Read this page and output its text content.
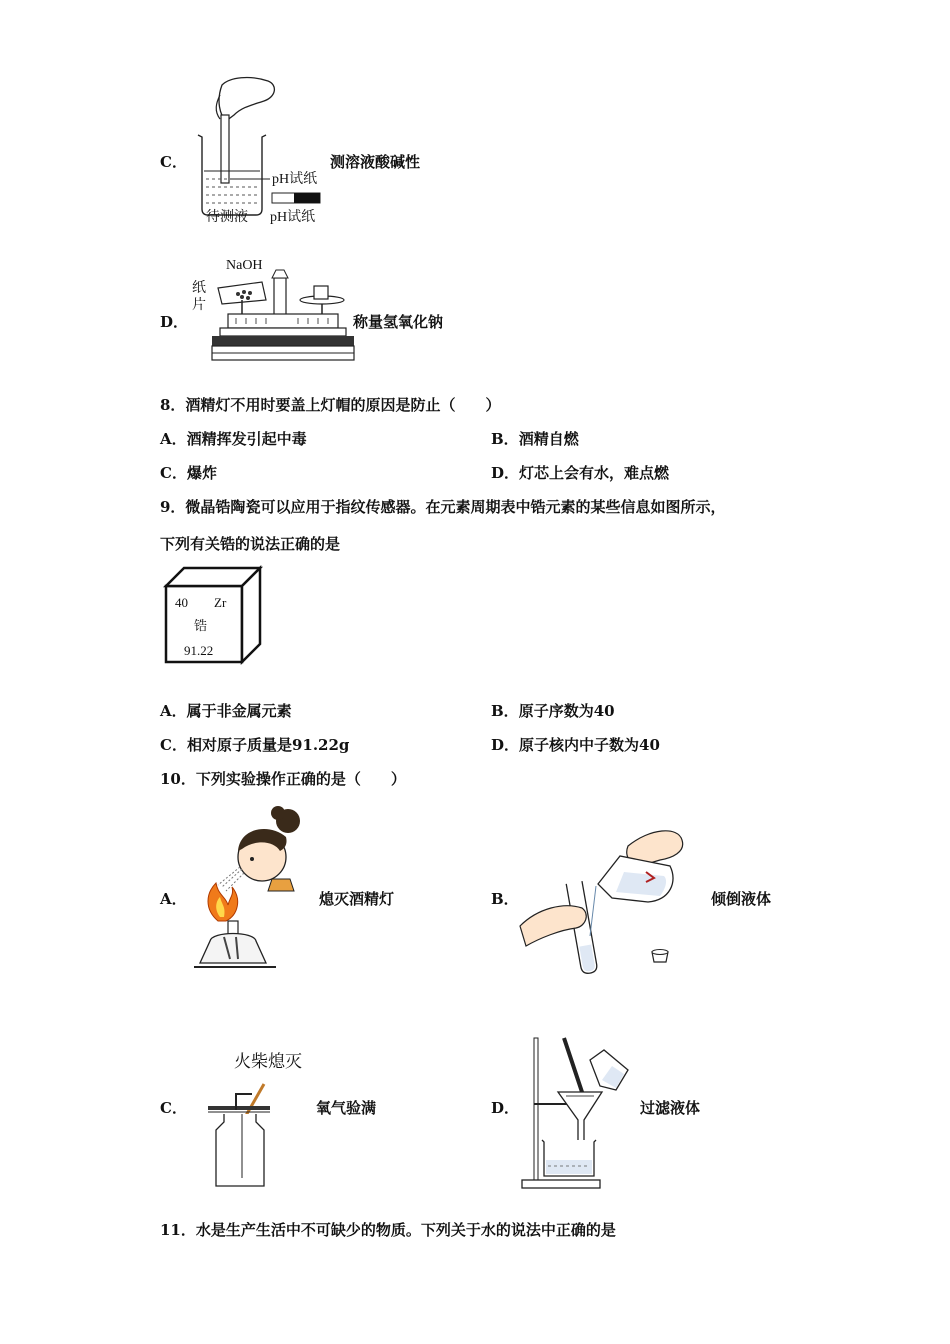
C．
pH试纸
待测液 pH试纸
测溶液酸碱性
D．
NaOH
纸片
称量氢氧化钠
8．酒精灯不用时要盖上灯帽的原因是防止（　　）
A．酒精挥发引起中毒	B．酒精自燃
C．爆炸	D．灯芯上会有水，难点燃
9．微晶锆陶瓷可以应用于指纹传感器。在元素周期表中锆元素的某些信息如图所示，
下列有关锆的说法正确的是
40 Zr
锆
91.22
A．属于非金属元素	B．原子序数为40
C．相对原子质量是91.22g	D．原子核内中子数为40
10．下列实验操作正确的是（　　）
A．	熄灭酒精灯	B．	倾倒液体
C．
火柴熄灭
氧气验满	D．	过滤液体
11．水是生产生活中不可缺少的物质。下列关于水的说法中正确的是
